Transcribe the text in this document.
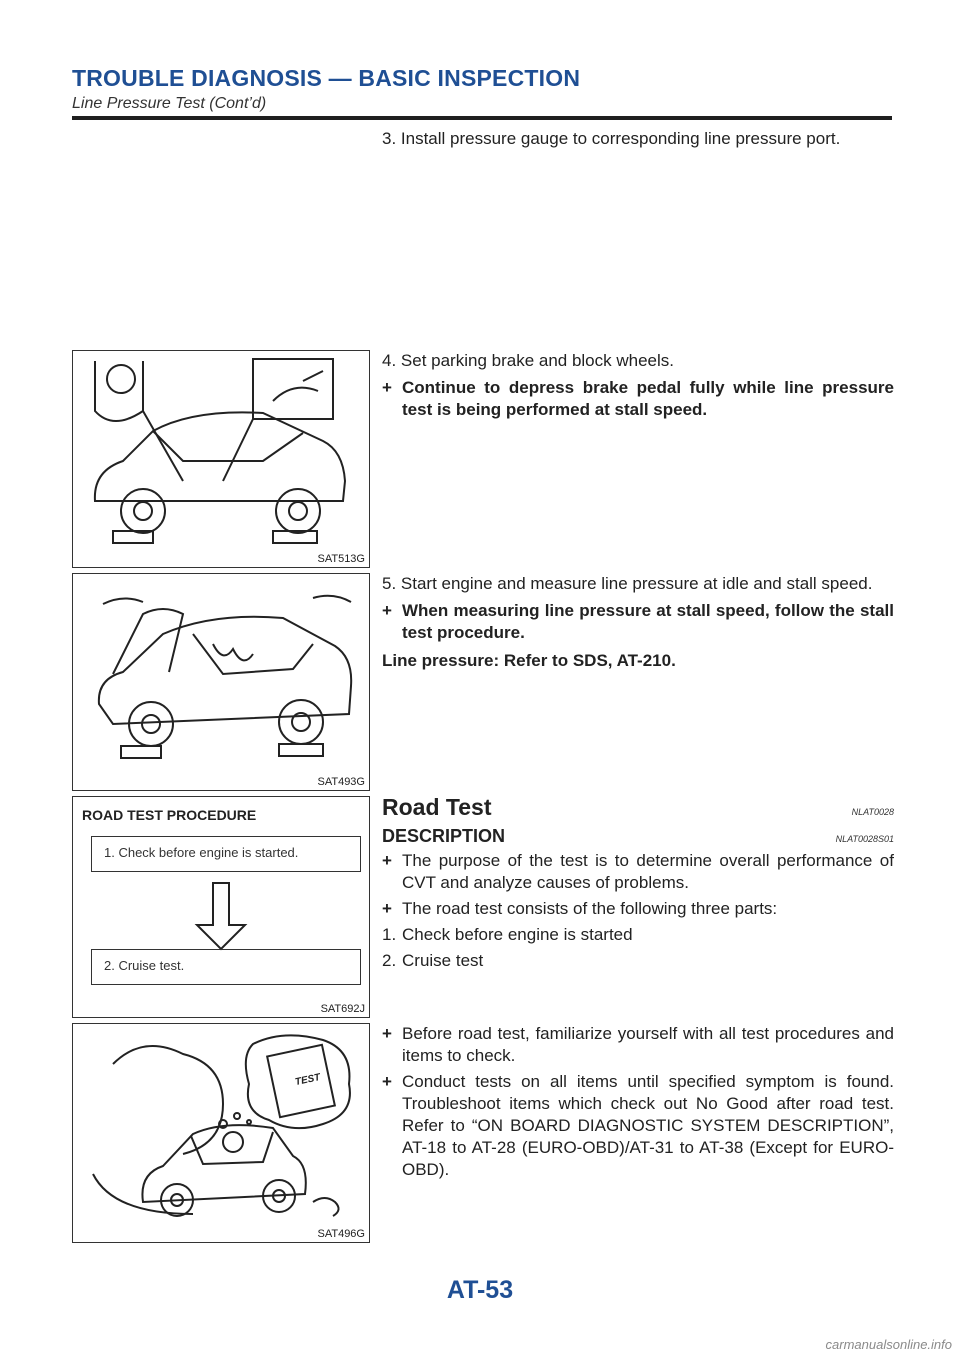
TROUBLE DIAGNOSIS — BASIC INSPECTION
Line Pressure Test (Cont’d)

3. Install pressure gauge to corresponding line pressure port.

SAT513G

4. Set parking brake and block wheels.

+ Continue to depress brake pedal fully while line pressure test is being performed at stall speed.
SAT493G

5. Start engine and measure line pressure at idle and stall speed.

+ When measuring line pressure at stall speed, follow the stall test procedure.

Line pressure: Refer to SDS, AT-210.

ROAD TEST PROCEDURE
1. Check before engine is started.
2. Cruise test.
SAT692J
Road Test	NLAT0028
DESCRIPTION	NLAT0028S01
+ The purpose of the test is to determine overall performance of CVT and analyze causes of problems.
+ The road test consists of the following three parts:
1. Check before engine is started
2. Cruise test
TEST
SAT496G
+ Before road test, familiarize yourself with all test procedures and items to check.
+ Conduct tests on all items until specified symptom is found. Troubleshoot items which check out No Good after road test. Refer to “ON BOARD DIAGNOSTIC SYSTEM DESCRIPTION”, AT-18 to AT-28 (EURO-OBD)/AT-31 to AT-38 (Except for EURO-OBD).
AT-53
carmanualsonline.info
